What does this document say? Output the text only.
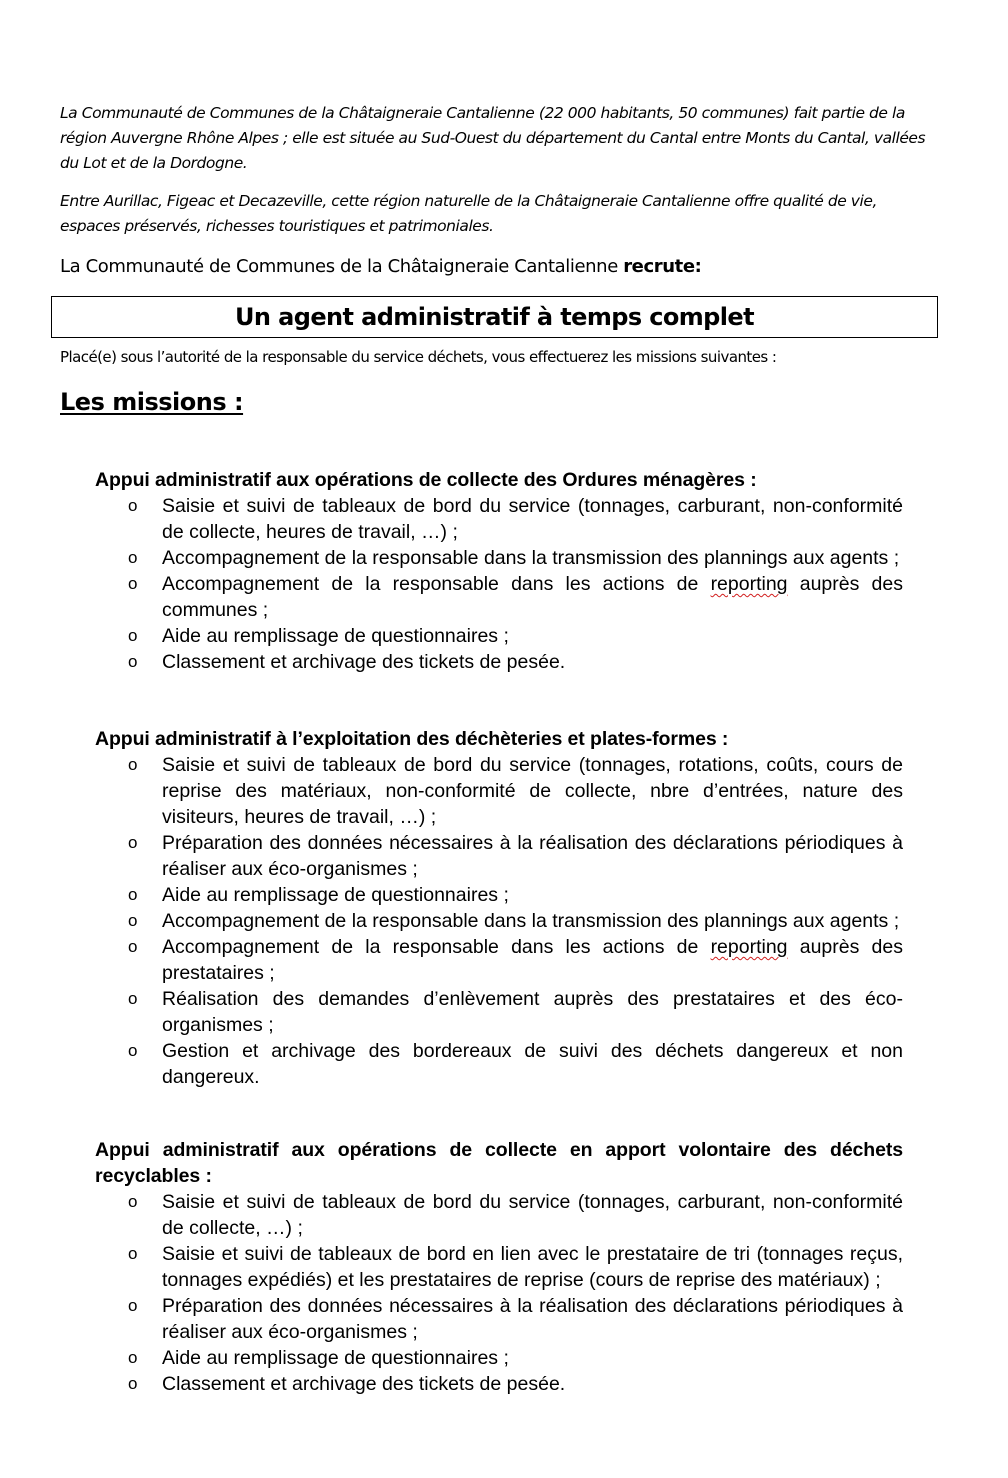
La Communauté de Communes de la Châtaigneraie Cantalienne (22 000 habitants, 50 communes) fait partie de la région Auvergne Rhône Alpes ; elle est située au Sud-Ouest du département du Cantal entre Monts du Cantal, vallées du Lot et de la Dordogne.

Entre Aurillac, Figeac et Decazeville, cette région naturelle de la Châtaigneraie Cantalienne offre qualité de vie, espaces préservés, richesses touristiques et patrimoniales.

La Communauté de Communes de la Châtaigneraie Cantalienne recrute:

Un agent administratif à temps complet

Placé(e) sous l’autorité de la responsable du service déchets, vous effectuerez les missions suivantes :

Les missions :

Appui administratif aux opérations de collecte des Ordures ménagères :

o Saisie et suivi de tableaux de bord du service (tonnages, carburant, non-conformité de collecte, heures de travail, …) ;
o Accompagnement de la responsable dans la transmission des plannings aux agents ;
o Accompagnement de la responsable dans les actions de reporting auprès des communes ;
o Aide au remplissage de questionnaires ;
o Classement et archivage des tickets de pesée.

Appui administratif à l’exploitation des déchèteries et plates-formes :

o Saisie et suivi de tableaux de bord du service (tonnages, rotations, coûts, cours de reprise des matériaux, non-conformité de collecte, nbre d’entrées, nature des visiteurs, heures de travail, …) ;
o Préparation des données nécessaires à la réalisation des déclarations périodiques à réaliser aux éco-organismes ;
o Aide au remplissage de questionnaires ;
o Accompagnement de la responsable dans la transmission des plannings aux agents ;
o Accompagnement de la responsable dans les actions de reporting auprès des prestataires ;
o Réalisation des demandes d’enlèvement auprès des prestataires et des éco-organismes ;
o Gestion et archivage des bordereaux de suivi des déchets dangereux et non dangereux.

Appui administratif aux opérations de collecte en apport volontaire des déchets recyclables :

o Saisie et suivi de tableaux de bord du service (tonnages, carburant, non-conformité de collecte, …) ;
o Saisie et suivi de tableaux de bord en lien avec le prestataire de tri (tonnages reçus, tonnages expédiés) et les prestataires de reprise (cours de reprise des matériaux) ;
o Préparation des données nécessaires à la réalisation des déclarations périodiques à réaliser aux éco-organismes ;
o Aide au remplissage de questionnaires ;
o Classement et archivage des tickets de pesée.
